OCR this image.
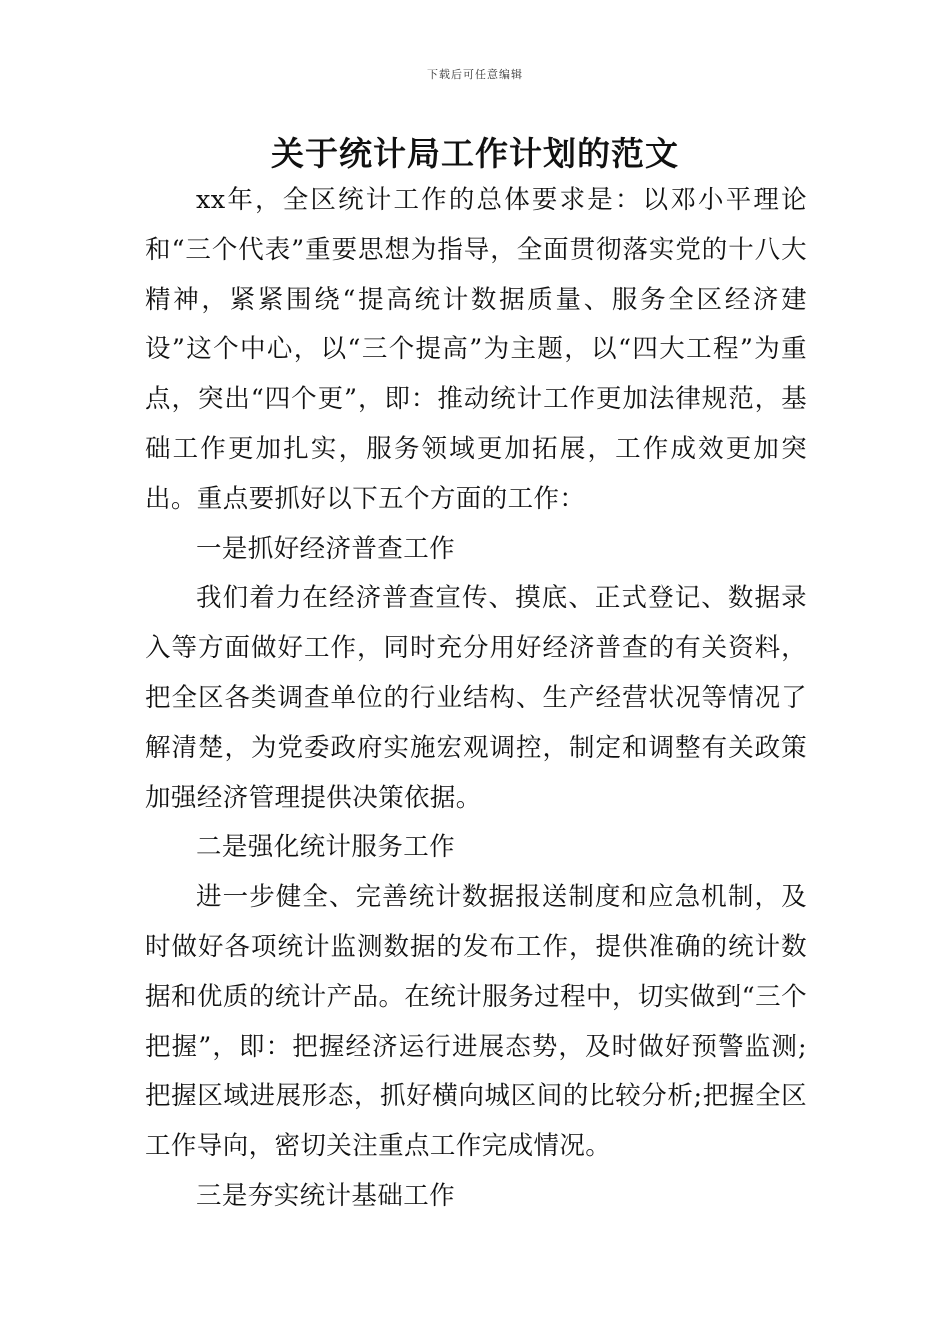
下载后可任意编辑
关于统计局工作计划的范文

xx年，全区统计工作的总体要求是：以邓小平理论和“三个代表”重要思想为指导，全面贯彻落实党的十八大精神，紧紧围绕“提高统计数据质量、服务全区经济建设”这个中心，以“三个提高”为主题，以“四大工程”为重点，突出“四个更”，即：推动统计工作更加法律规范，基础工作更加扎实，服务领域更加拓展，工作成效更加突出。重点要抓好以下五个方面的工作：

一是抓好经济普查工作

我们着力在经济普查宣传、摸底、正式登记、数据录入等方面做好工作，同时充分用好经济普查的有关资料，把全区各类调查单位的行业结构、生产经营状况等情况了解清楚，为党委政府实施宏观调控，制定和调整有关政策加强经济管理提供决策依据。

二是强化统计服务工作

进一步健全、完善统计数据报送制度和应急机制，及时做好各项统计监测数据的发布工作，提供准确的统计数据和优质的统计产品。在统计服务过程中，切实做到“三个把握”，即：把握经济运行进展态势，及时做好预警监测;把握区域进展形态，抓好横向城区间的比较分析;把握全区工作导向，密切关注重点工作完成情况。

三是夯实统计基础工作
